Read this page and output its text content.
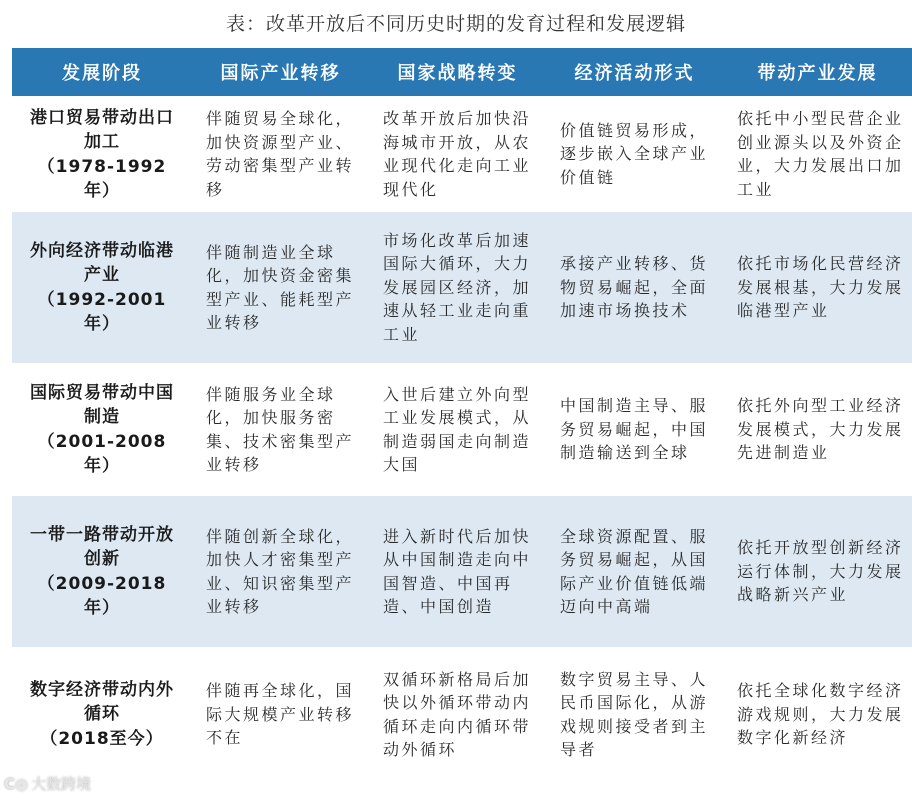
表：改革开放后不同历史时期的发育过程和发展逻辑
发展阶段	国际产业转移	国家战略转变	经济活动形式	带动产业发展
港口贸易带动出口加工
（1978-1992年）	伴随贸易全球化，加快资源型产业、劳动密集型产业转移	改革开放后加快沿海城市开放，从农业现代化走向工业现代化	价值链贸易形成，逐步嵌入全球产业价值链	依托中小型民营企业创业源头以及外资企业，大力发展出口加工业
外向经济带动临港产业
（1992-2001年）	伴随制造业全球化，加快资金密集型产业、能耗型产业转移	市场化改革后加速国际大循环，大力发展园区经济，加速从轻工业走向重工业	承接产业转移、货物贸易崛起，全面加速市场换技术	依托市场化民营经济发展根基，大力发展临港型产业
国际贸易带动中国制造
（2001-2008年）	伴随服务业全球化，加快服务密集、技术密集型产业转移	入世后建立外向型工业发展模式，从制造弱国走向制造大国	中国制造主导、服务贸易崛起，中国制造输送到全球	依托外向型工业经济发展模式，大力发展先进制造业
一带一路带动开放创新
（2009-2018年）	伴随创新全球化，加快人才密集型产业、知识密集型产业转移	进入新时代后加快从中国制造走向中国智造、中国再造、中国创造	全球资源配置、服务贸易崛起，从国际产业价值链低端迈向中高端	依托开放型创新经济运行体制，大力发展战略新兴产业
数字经济带动内外循环
（2018至今）	伴随再全球化，国际大规模产业转移不在	双循环新格局后加快以外循环带动内循环走向内循环带动外循环	数字贸易主导、人民币国际化，从游戏规则接受者到主导者	依托全球化数字经济游戏规则，大力发展数字化新经济
C◎ 大数跨境
